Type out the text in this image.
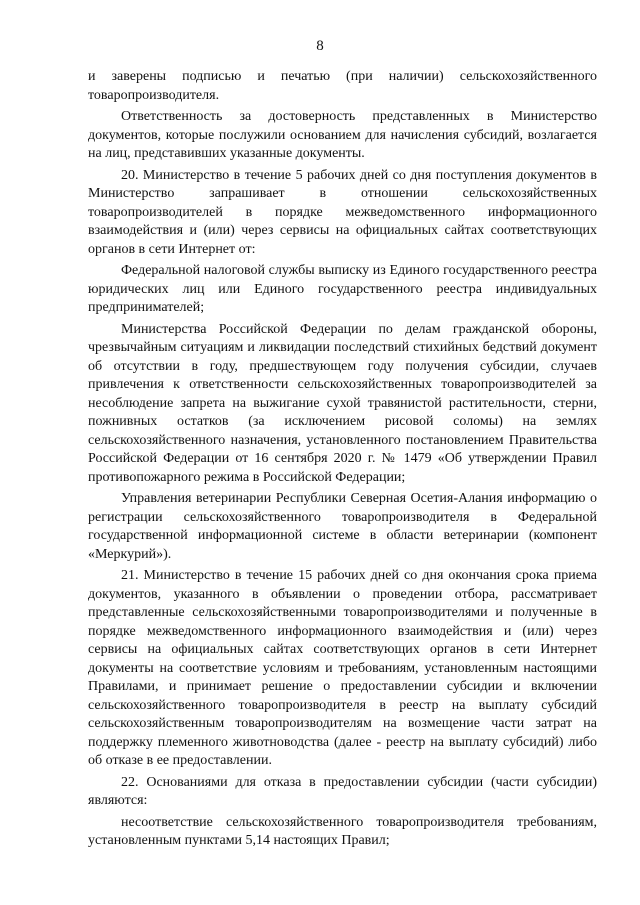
8

и заверены подписью и печатью (при наличии) сельскохозяйственного товаропроизводителя.

Ответственность за достоверность представленных в Министерство документов, которые послужили основанием для начисления субсидий, возлагается на лиц, представивших указанные документы.

20. Министерство в течение 5 рабочих дней со дня поступления документов в Министерство запрашивает в отношении сельскохозяйственных товаропроизводителей в порядке межведомственного информационного взаимодействия и (или) через сервисы на официальных сайтах соответствующих органов в сети Интернет от:

Федеральной налоговой службы выписку из Единого государственного реестра юридических лиц или Единого государственного реестра индивидуальных предпринимателей;

Министерства Российской Федерации по делам гражданской обороны, чрезвычайным ситуациям и ликвидации последствий стихийных бедствий документ об отсутствии в году, предшествующем году получения субсидии, случаев привлечения к ответственности сельскохозяйственных товаропроизводителей за несоблюдение запрета на выжигание сухой травянистой растительности, стерни, пожнивных остатков (за исключением рисовой соломы) на землях сельскохозяйственного назначения, установленного постановлением Правительства Российской Федерации от 16 сентября 2020 г. № 1479 «Об утверждении Правил противопожарного режима в Российской Федерации;

Управления ветеринарии Республики Северная Осетия-Алания информацию о регистрации сельскохозяйственного товаропроизводителя в Федеральной государственной информационной системе в области ветеринарии (компонент «Меркурий»).

21. Министерство в течение 15 рабочих дней со дня окончания срока приема документов, указанного в объявлении о проведении отбора, рассматривает представленные сельскохозяйственными товаропроизводителями и полученные в порядке межведомственного информационного взаимодействия и (или) через сервисы на официальных сайтах соответствующих органов в сети Интернет документы на соответствие условиям и требованиям, установленным настоящими Правилами, и принимает решение о предоставлении субсидии и включении сельскохозяйственного товаропроизводителя в реестр на выплату субсидий сельскохозяйственным товаропроизводителям на возмещение части затрат на поддержку племенного животноводства (далее - реестр на выплату субсидий) либо об отказе в ее предоставлении.

22. Основаниями для отказа в предоставлении субсидии (части субсидии) являются:

несоответствие сельскохозяйственного товаропроизводителя требованиям, установленным пунктами 5,14 настоящих Правил;
